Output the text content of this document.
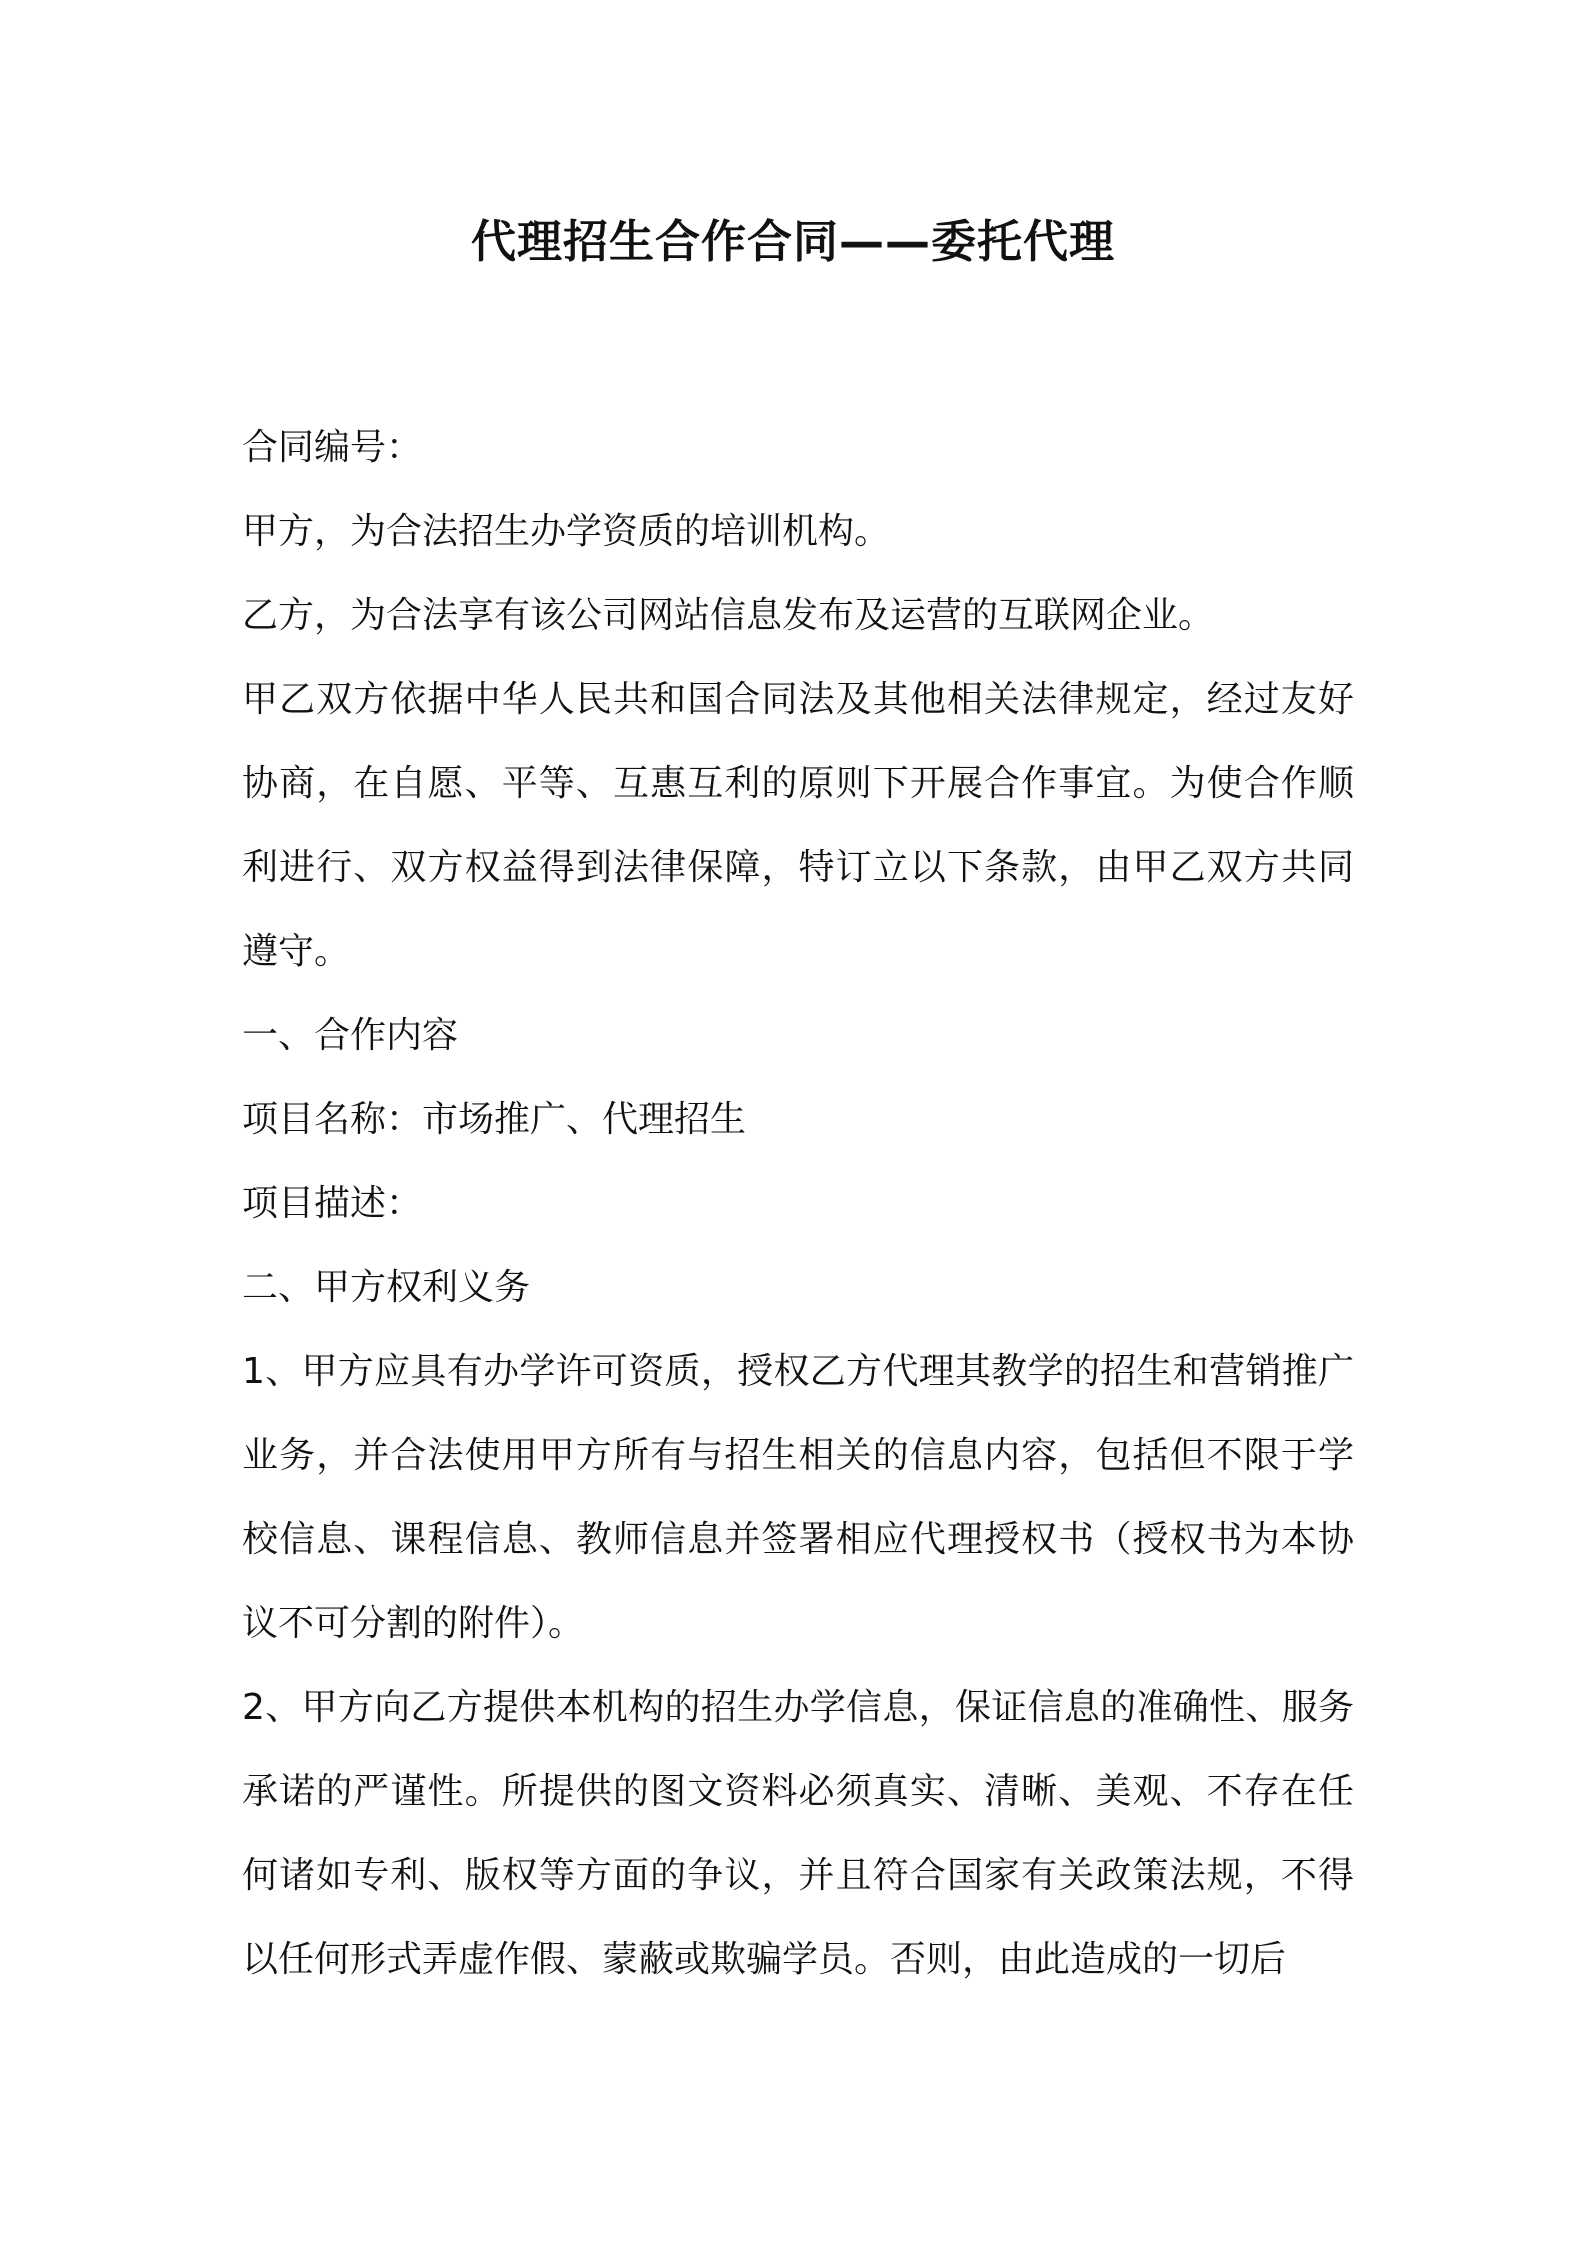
代理招生合作合同——委托代理

合同编号：

甲方，为合法招生办学资质的培训机构。

乙方，为合法享有该公司网站信息发布及运营的互联网企业。

甲乙双方依据中华人民共和国合同法及其他相关法律规定，经过友好协商，在自愿、平等、互惠互利的原则下开展合作事宜。为使合作顺利进行、双方权益得到法律保障，特订立以下条款，由甲乙双方共同遵守。

一、合作内容

项目名称：市场推广、代理招生

项目描述：

二、甲方权利义务

1、甲方应具有办学许可资质，授权乙方代理其教学的招生和营销推广业务，并合法使用甲方所有与招生相关的信息内容，包括但不限于学校信息、课程信息、教师信息并签署相应代理授权书（授权书为本协议不可分割的附件）。

2、甲方向乙方提供本机构的招生办学信息，保证信息的准确性、服务承诺的严谨性。所提供的图文资料必须真实、清晰、美观、不存在任何诸如专利、版权等方面的争议，并且符合国家有关政策法规，不得以任何形式弄虚作假、蒙蔽或欺骗学员。否则，由此造成的一切后
